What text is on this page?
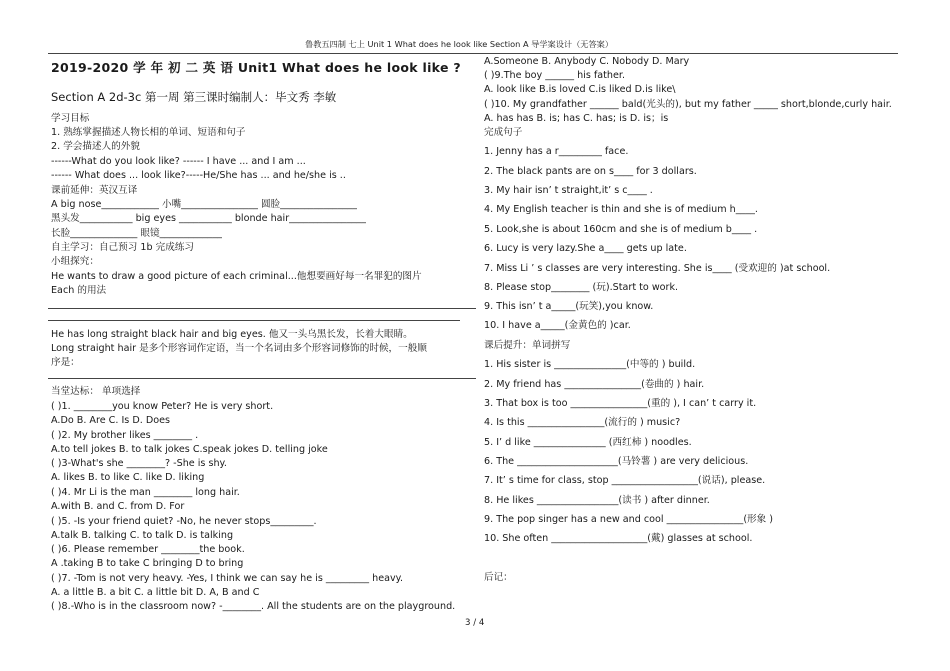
鲁教五四制 七上 Unit 1 What does he look like Section A 导学案设计（无答案）
2019-2020 学 年 初 二 英 语 Unit1 What does he look like ?
Section A 2d-3c 第一周 第三课时编制人：毕文秀 李敏
学习目标
1. 熟练掌握描述人物长相的单词、短语和句子
2. 学会描述人的外貌
------What do you look like? ------ I have ... and I am ...
------ What does ... look like?-----He/She has ... and he/she is ..
课前延伸：英汉互译
A big nose____________ 小嘴________________ 圆脸________________
黑头发___________ big eyes ___________ blonde hair________________
长脸______________ 眼镜_____________
自主学习：自己预习 1b 完成练习
小组探究：
He wants to draw a good picture of each criminal...他想要画好每一名罪犯的图片
Each 的用法
He has long straight black hair and big eyes. 他又一头乌黑长发，长着大眼睛。
Long straight hair 是多个形容词作定语，当一个名词由多个形容词修饰的时候，一般顺
序是：
当堂达标： 单项选择
( )1. ________you know Peter? He is very short.
A.Do B. Are C. Is D. Does
( )2. My brother likes ________ .
A.to tell jokes B. to talk jokes C.speak jokes D. telling joke
( )3-What's she ________? -She is shy.
A. likes B. to like C. like D. liking
( )4. Mr Li is the man ________ long hair.
A.with B. and C. from D. For
( )5. -Is your friend quiet? -No, he never stops_________.
A.talk B. talking C. to talk D. is talking
( )6. Please remember ________the book.
A .taking B to take C bringing D to bring
( )7. -Tom is not very heavy. -Yes, I think we can say he is _________ heavy.
A. a little B. a bit C. a little bit D. A, B and C
( )8.-Who is in the classroom now? -________. All the students are on the playground.
A.Someone B. Anybody C. Nobody D. Mary
( )9.The boy ______ his father.
A. look like B.is loved C.is liked D.is like\
( )10. My grandfather ______ bald(光头的), but my father _____ short,blonde,curly hair.
A. has has B. is; has C. has; is D. is；is
完成句子
1. Jenny has a r_________ face.
2. The black pants are on s____ for 3 dollars.
3. My hair isn’ t straight,it’ s c____ .
4. My English teacher is thin and she is of medium h____.
5. Look,she is about 160cm and she is of medium b____ .
6. Lucy is very lazy.She a____ gets up late.
7. Miss Li ’ s classes are very interesting. She is____ (受欢迎的 )at school.
8. Please stop________ (玩).Start to work.
9. This isn’ t a_____(玩笑),you know.
10. I have a_____(金黄色的 )car.
课后提升：单词拼写
1. His sister is _______________(中等的 ) build.
2. My friend has ________________(卷曲的 ) hair.
3. That box is too ________________(重的 ), I can’ t carry it.
4. Is this ________________(流行的 ) music?
5. I’ d like _______________ (西红柿 ) noodles.
6. The _____________________(马铃薯 ) are very delicious.
7. It’ s time for class, stop __________________(说话), please.
8. He likes _________________(读书 ) after dinner.
9. The pop singer has a new and cool ________________(形象 )
10. She often ____________________(戴) glasses at school.
后记：
3 / 4
